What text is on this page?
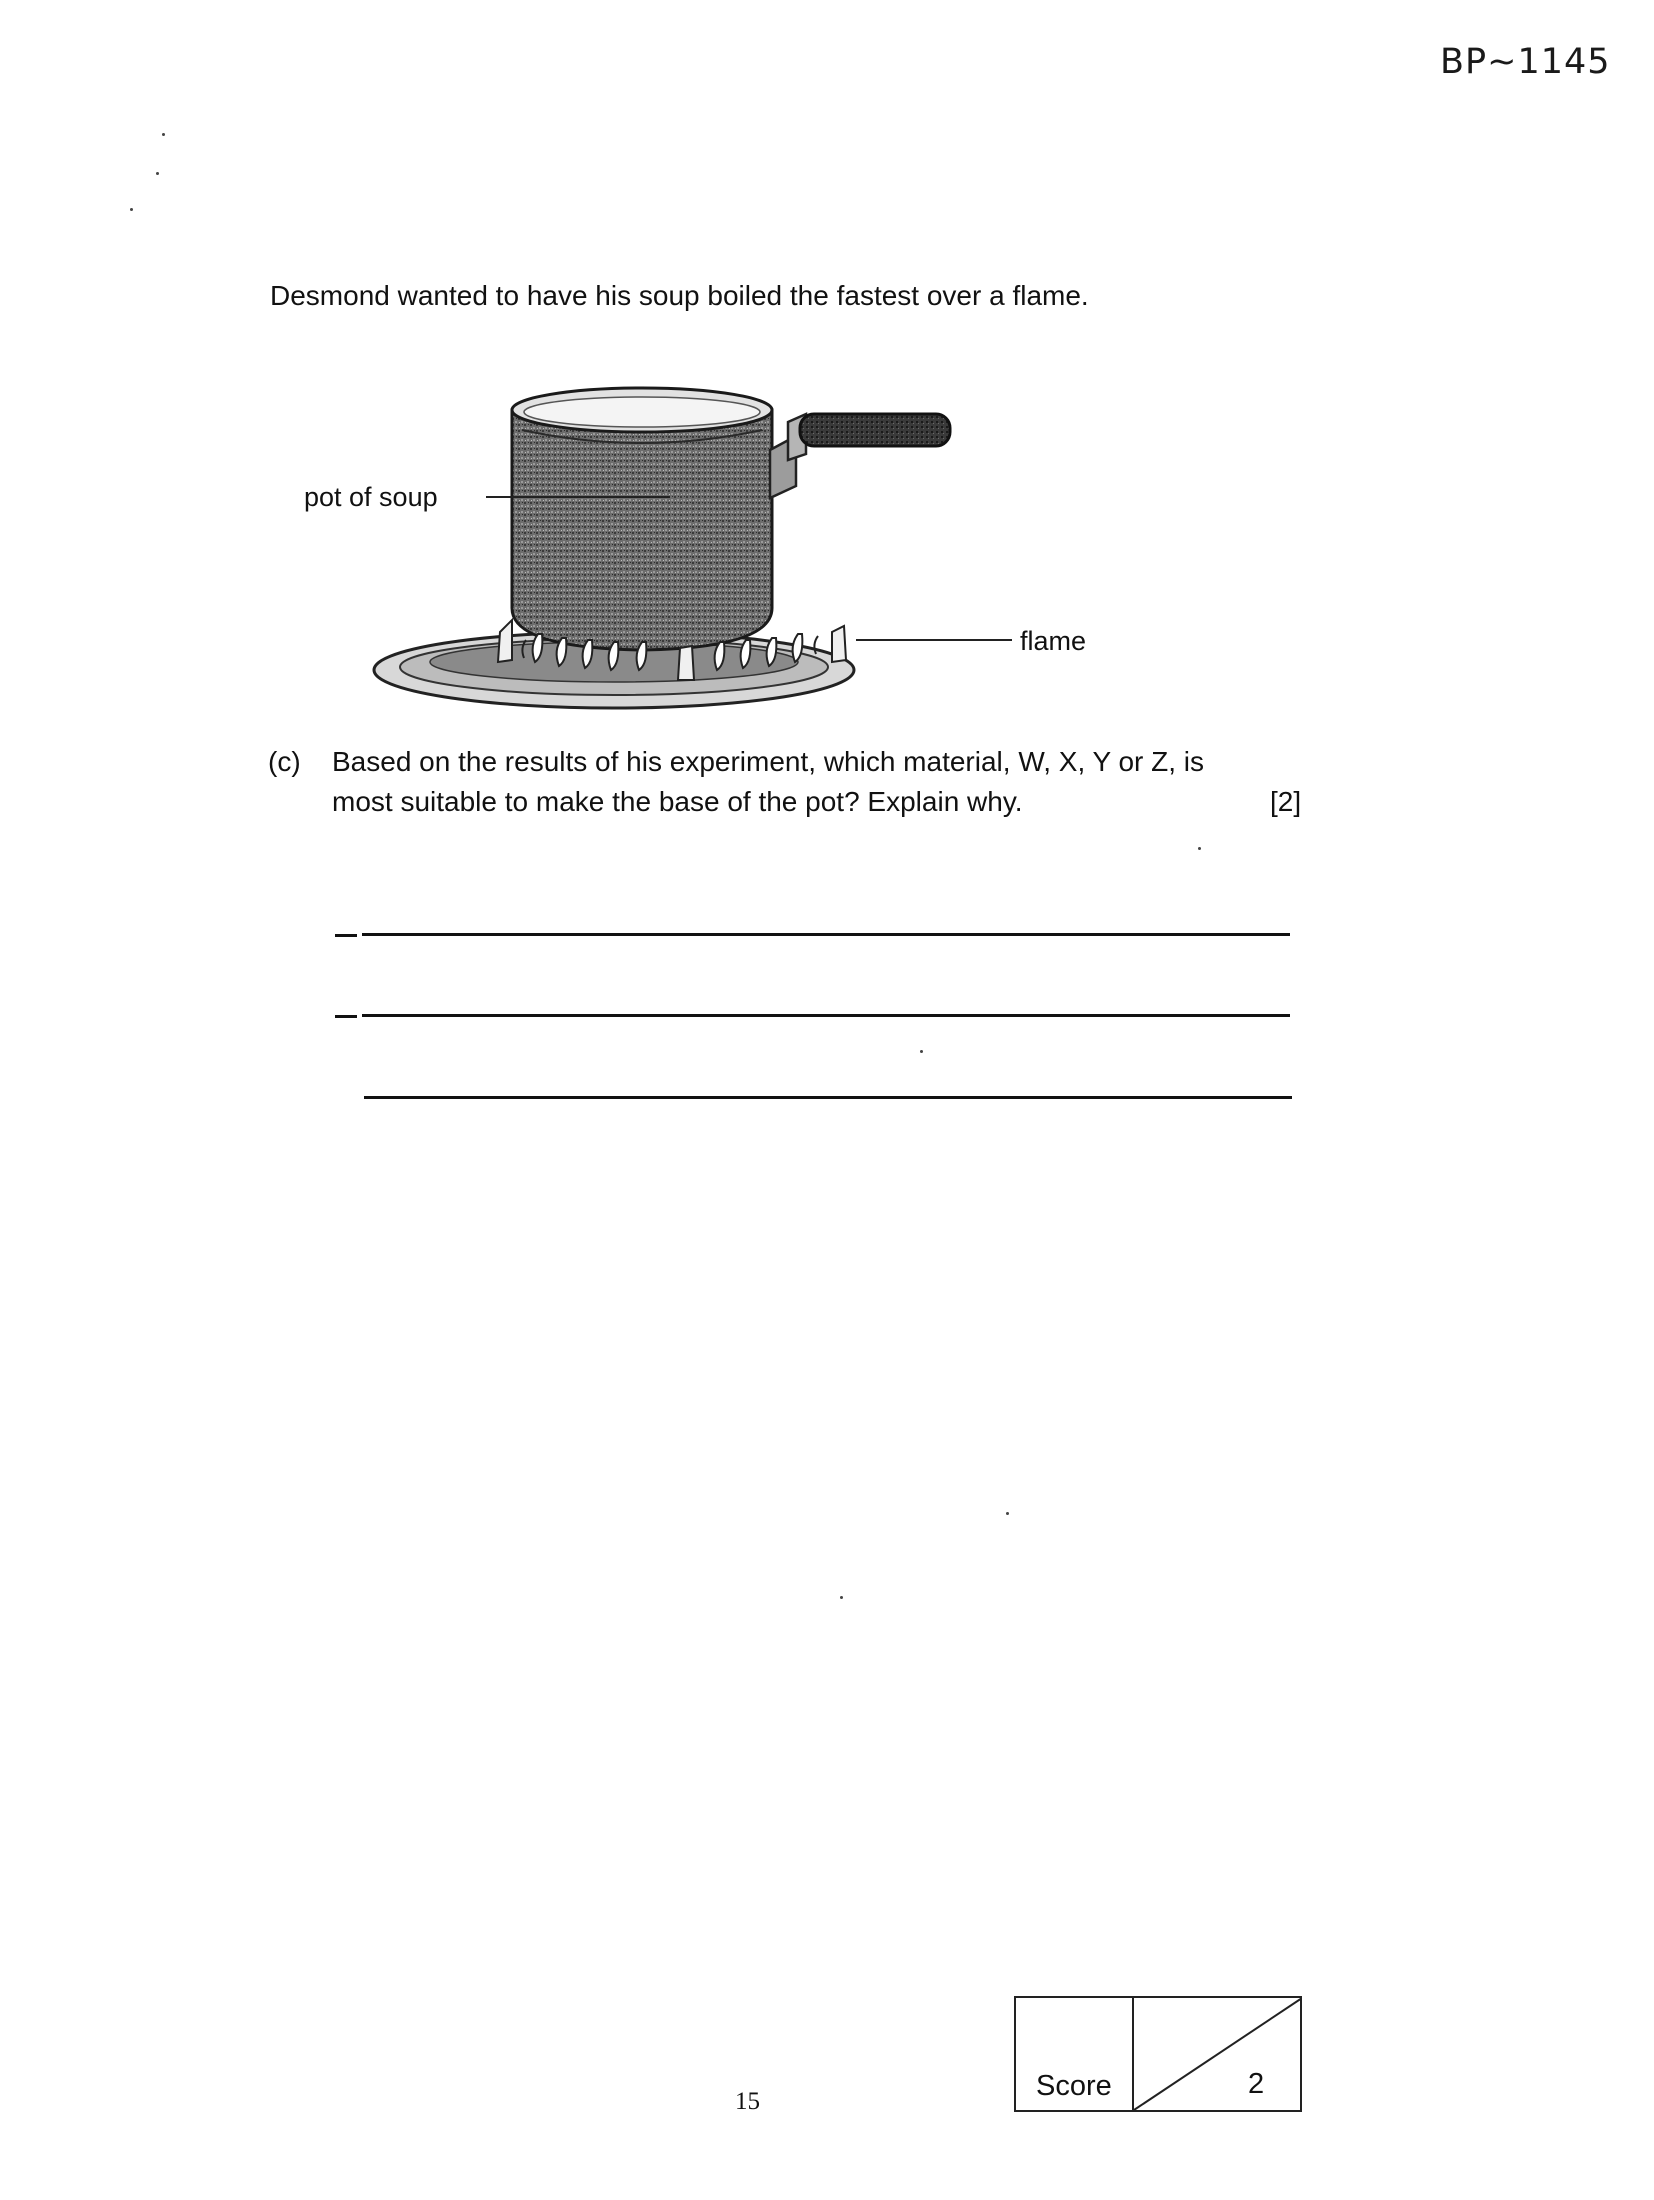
BP~1145
Desmond wanted to have his soup boiled the fastest over a flame.
pot of soup
flame
(c) Based on the results of his experiment, which material, W, X, Y or Z, is most suitable to make the base of the pot? Explain why.	[2]
15	Score	2
